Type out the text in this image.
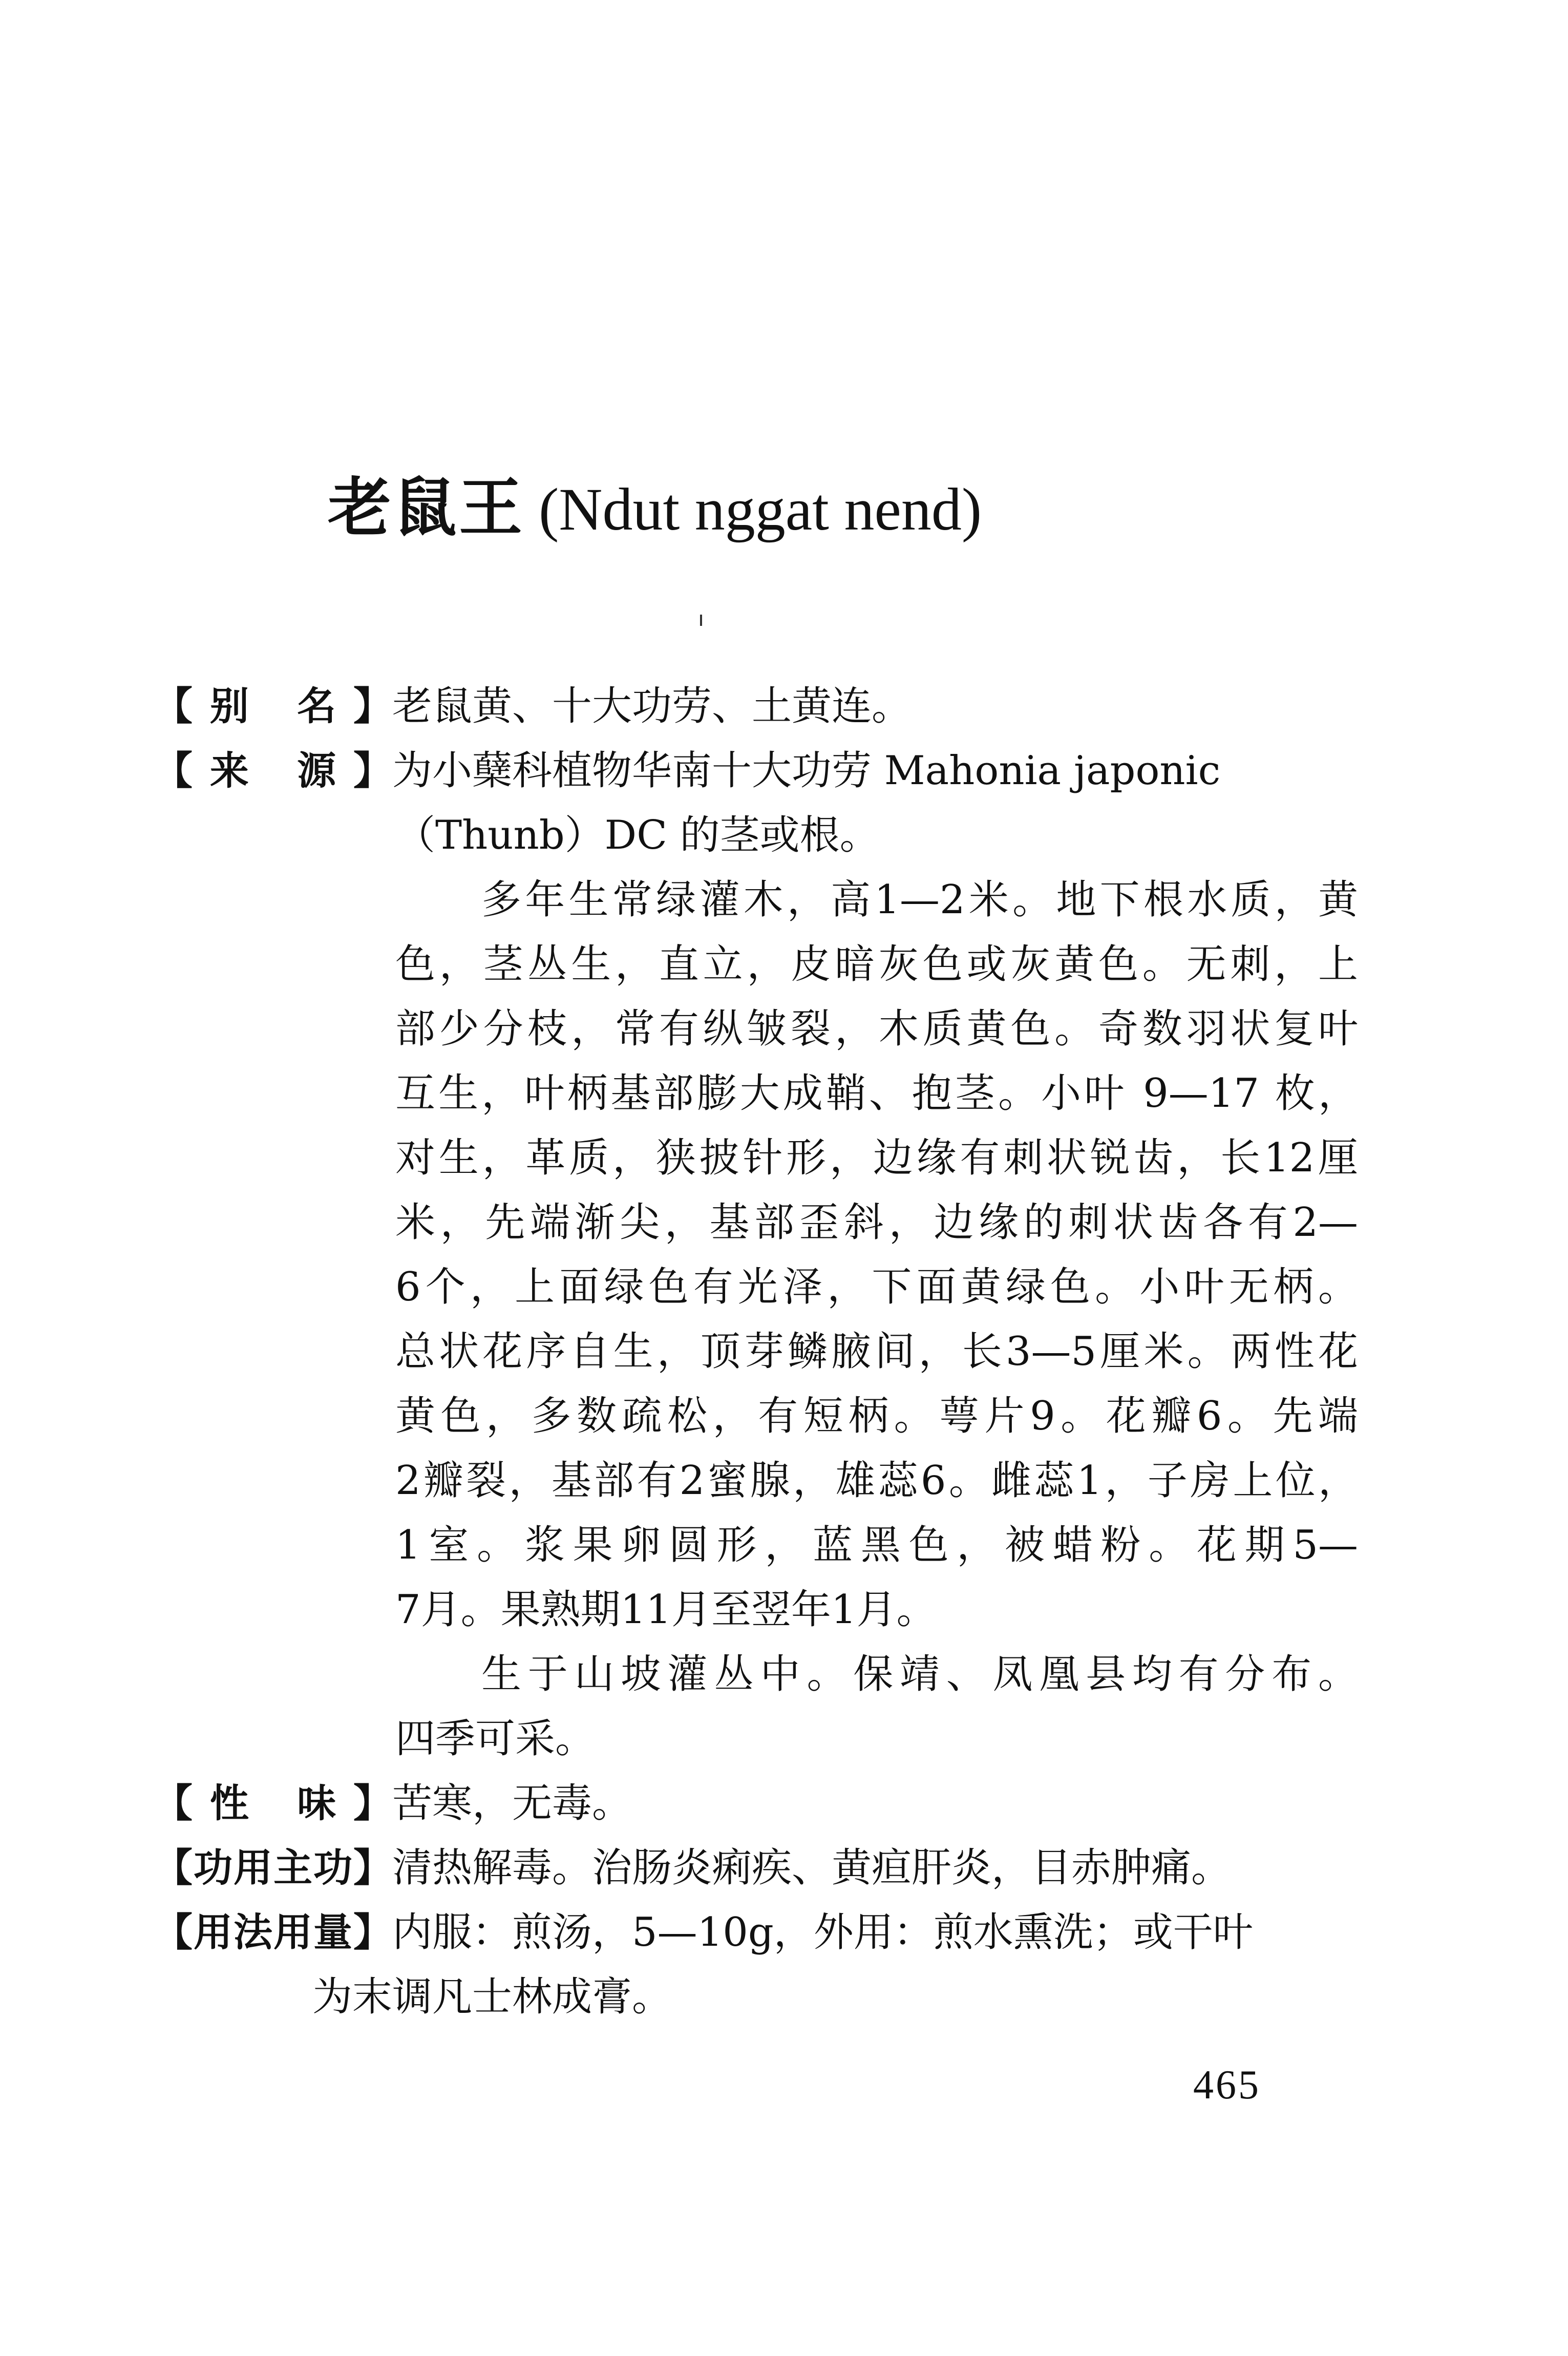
老鼠王 (Ndut nggat nend)
【别 名】老鼠黄、十大功劳、土黄连。
【来 源】为小蘖科植物华南十大功劳 Mahonia japonic
（Thunb）DC 的茎或根。
多年生常绿灌木，高1—2米。地下根水质，黄
色，茎丛生，直立，皮暗灰色或灰黄色。无刺，上
部少分枝，常有纵皱裂，木质黄色。奇数羽状复叶
互生，叶柄基部膨大成鞘、抱茎。小叶 9—17 枚，
对生，革质，狭披针形，边缘有刺状锐齿，长12厘
米，先端渐尖，基部歪斜，边缘的刺状齿各有2—
6个，上面绿色有光泽，下面黄绿色。小叶无柄。
总状花序自生，顶芽鳞腋间，长3—5厘米。两性花
黄色，多数疏松，有短柄。萼片9。花瓣6。先端
2瓣裂，基部有2蜜腺，雄蕊6。雌蕊1，子房上位，
1室。浆果卵圆形，蓝黑色，被蜡粉。花期5—
7月。果熟期11月至翌年1月。
生于山坡灌丛中。保靖、凤凰县均有分布。
四季可采。
【性 味】苦寒，无毒。
【功用主功】清热解毒。治肠炎痢疾、黄疸肝炎，目赤肿痛。
【用法用量】内服：煎汤，5—10g，外用：煎水熏洗；或干叶
465
为末调凡士林成膏。
